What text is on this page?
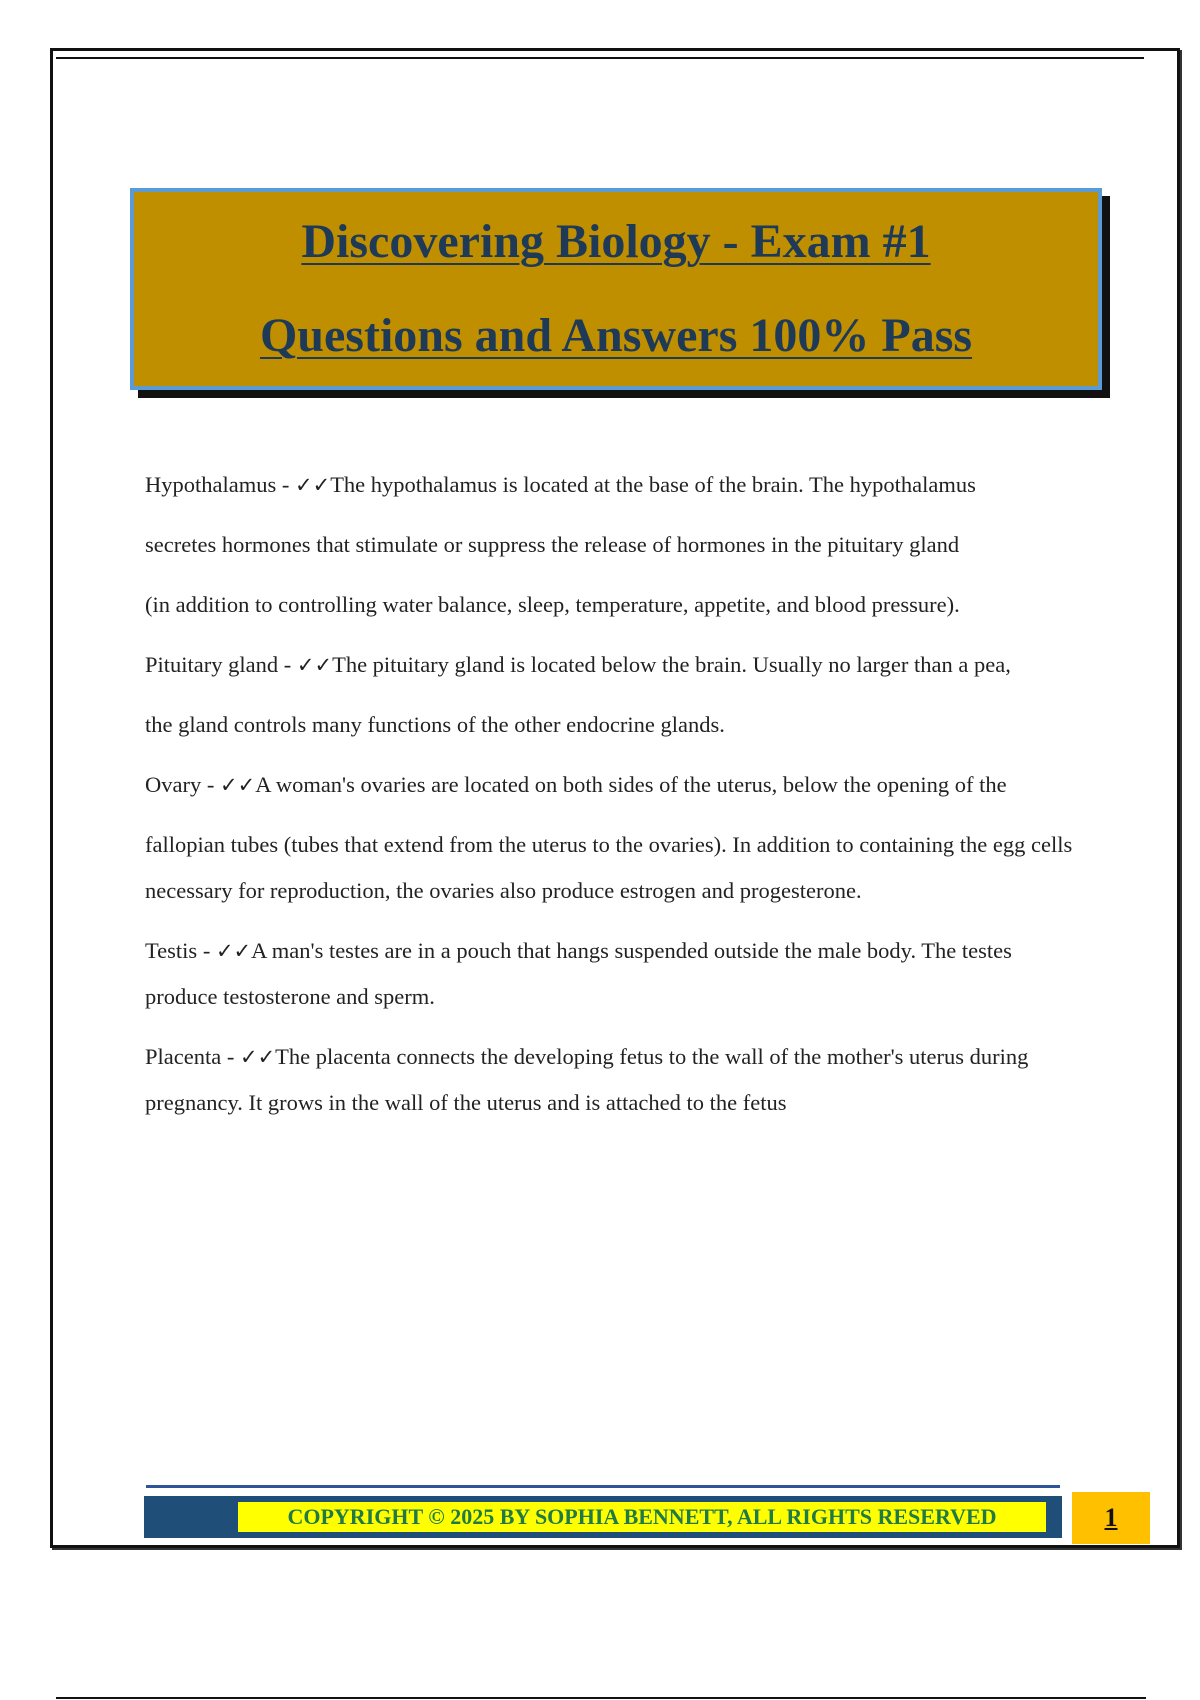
Discovering Biology - Exam #1
Questions and Answers 100% Pass

Hypothalamus - ✓✓The hypothalamus is located at the base of the brain. The hypothalamus

secretes hormones that stimulate or suppress the release of hormones in the pituitary gland

(in addition to controlling water balance, sleep, temperature, appetite, and blood pressure).

Pituitary gland - ✓✓The pituitary gland is located below the brain. Usually no larger than a pea,

the gland controls many functions of the other endocrine glands.

Ovary - ✓✓A woman's ovaries are located on both sides of the uterus, below the opening of the

fallopian tubes (tubes that extend from the uterus to the ovaries). In addition to containing the egg cells necessary for reproduction, the ovaries also produce estrogen and progesterone.

Testis - ✓✓A man's testes are in a pouch that hangs suspended outside the male body. The testes produce testosterone and sperm.

Placenta - ✓✓The placenta connects the developing fetus to the wall of the mother's uterus during pregnancy. It grows in the wall of the uterus and is attached to the fetus

COPYRIGHT © 2025 BY SOPHIA BENNETT, ALL RIGHTS RESERVED	1
